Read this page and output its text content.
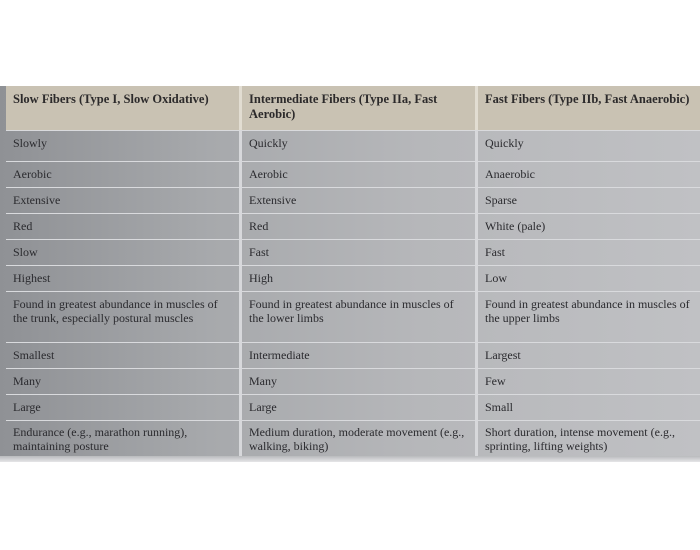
Slow Fibers (Type I, Slow Oxidative)	Intermediate Fibers (Type IIa, Fast Aerobic)	Fast Fibers (Type IIb, Fast Anaerobic)
Slowly	Quickly	Quickly
Aerobic	Aerobic	Anaerobic
Extensive	Extensive	Sparse
Red	Red	White (pale)
Slow	Fast	Fast
Highest	High	Low
Found in greatest abundance in muscles of the trunk, especially postural muscles	Found in greatest abundance in muscles of the lower limbs	Found in greatest abundance in muscles of the upper limbs
Smallest	Intermediate	Largest
Many	Many	Few
Large	Large	Small
Endurance (e.g., marathon running), maintaining posture	Medium duration, moderate movement (e.g., walking, biking)	Short duration, intense movement (e.g., sprinting, lifting weights)
